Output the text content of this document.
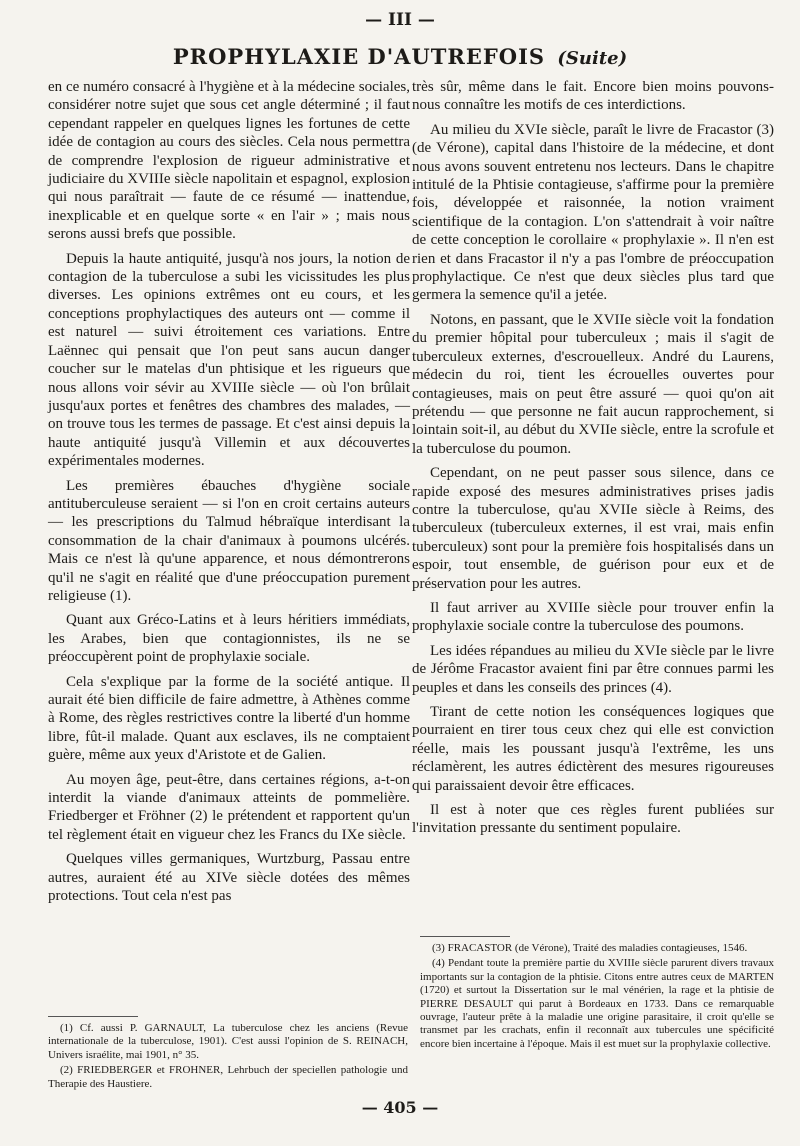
— III —
PROPHYLAXIE D'AUTREFOIS (Suite)

en ce numéro consacré à l'hygiène et à la médecine sociales, considérer notre sujet que sous cet angle déterminé ; il faut cependant rappeler en quelques lignes les fortunes de cette idée de contagion au cours des siècles. Cela nous permettra de comprendre l'explosion de rigueur administrative et judiciaire du XVIIIe siècle napolitain et espagnol, explosion qui nous paraîtrait — faute de ce résumé — inattendue, inexplicable et en quelque sorte « en l'air » ; mais nous serons aussi brefs que possible.

Depuis la haute antiquité, jusqu'à nos jours, la notion de contagion de la tuberculose a subi les vicissitudes les plus diverses. Les opinions extrêmes ont eu cours, et les conceptions prophylactiques des auteurs ont — comme il est naturel — suivi étroitement ces variations. Entre Laënnec qui pensait que l'on peut sans aucun danger coucher sur le matelas d'un phtisique et les rigueurs que nous allons voir sévir au XVIIIe siècle — où l'on brûlait jusqu'aux portes et fenêtres des chambres des malades, — on trouve tous les termes de passage. Et c'est ainsi depuis la haute antiquité jusqu'à Villemin et aux découvertes expérimentales modernes.

Les premières ébauches d'hygiène sociale antituberculeuse seraient — si l'on en croit certains auteurs — les prescriptions du Talmud hébraïque interdisant la consommation de la chair d'animaux à poumons ulcérés. Mais ce n'est là qu'une apparence, et nous démontrerons qu'il ne s'agit en réalité que d'une préoccupation purement religieuse (1).

Quant aux Gréco-Latins et à leurs héritiers immédiats, les Arabes, bien que contagionnistes, ils ne se préoccupèrent point de prophylaxie sociale.

Cela s'explique par la forme de la société antique. Il aurait été bien difficile de faire admettre, à Athènes comme à Rome, des règles restrictives contre la liberté d'un homme libre, fût-il malade. Quant aux esclaves, ils ne comptaient guère, même aux yeux d'Aristote et de Galien.

Au moyen âge, peut-être, dans certaines régions, a-t-on interdit la viande d'animaux atteints de pommelière. Friedberger et Fröhner (2) le prétendent et rapportent qu'un tel règlement était en vigueur chez les Francs du IXe siècle.

Quelques villes germaniques, Wurtzburg, Passau entre autres, auraient été au XIVe siècle dotées des mêmes protections. Tout cela n'est pas

très sûr, même dans le fait. Encore bien moins pouvons-nous connaître les motifs de ces interdictions.

Au milieu du XVIe siècle, paraît le livre de Fracastor (3) (de Vérone), capital dans l'histoire de la médecine, et dont nous avons souvent entretenu nos lecteurs. Dans le chapitre intitulé de la Phtisie contagieuse, s'affirme pour la première fois, développée et raisonnée, la notion vraiment scientifique de la contagion. L'on s'attendrait à voir naître de cette conception le corollaire « prophylaxie ». Il n'en est rien et dans Fracastor il n'y a pas l'ombre de préoccupation prophylactique. Ce n'est que deux siècles plus tard que germera la semence qu'il a jetée.

Notons, en passant, que le XVIIe siècle voit la fondation du premier hôpital pour tuberculeux ; mais il s'agit de tuberculeux externes, d'escrouelleux. André du Laurens, médecin du roi, tient les écrouelles ouvertes pour contagieuses, mais on peut être assuré — quoi qu'on ait prétendu — que personne ne fait aucun rapprochement, si lointain soit-il, au début du XVIIe siècle, entre la scrofule et la tuberculose du poumon.

Cependant, on ne peut passer sous silence, dans ce rapide exposé des mesures administratives prises jadis contre la tuberculose, qu'au XVIIe siècle à Reims, des tuberculeux (tuberculeux externes, il est vrai, mais enfin tuberculeux) sont pour la première fois hospitalisés dans un espoir, tout ensemble, de guérison pour eux et de préservation pour les autres.

Il faut arriver au XVIIIe siècle pour trouver enfin la prophylaxie sociale contre la tuberculose des poumons.

Les idées répandues au milieu du XVIe siècle par le livre de Jérôme Fracastor avaient fini par être connues parmi les peuples et dans les conseils des princes (4).

Tirant de cette notion les conséquences logiques que pourraient en tirer tous ceux chez qui elle est conviction réelle, mais les poussant jusqu'à l'extrême, les uns réclamèrent, les autres édictèrent des mesures rigoureuses qui paraissaient devoir être efficaces.

Il est à noter que ces règles furent publiées sur l'invitation pressante du sentiment populaire.

(1) Cf. aussi P. GARNAULT, La tuberculose chez les anciens (Revue internationale de la tuberculose, 1901). C'est aussi l'opinion de S. REINACH, Univers israélite, mai 1901, n° 35.

(2) FRIEDBERGER et FROHNER, Lehrbuch der speciellen pathologie und Therapie des Haustiere.

(3) FRACASTOR (de Vérone), Traité des maladies contagieuses, 1546.

(4) Pendant toute la première partie du XVIIIe siècle parurent divers travaux importants sur la contagion de la phtisie. Citons entre autres ceux de MARTEN (1720) et surtout la Dissertation sur le mal vénérien, la rage et la phtisie de PIERRE DESAULT qui parut à Bordeaux en 1733. Dans ce remarquable ouvrage, l'auteur prête à la maladie une origine parasitaire, il croit qu'elle se transmet par les crachats, enfin il reconnaît aux tubercules une spécificité encore bien incertaine à l'époque. Mais il est muet sur la prophylaxie collective.

— 405 —
